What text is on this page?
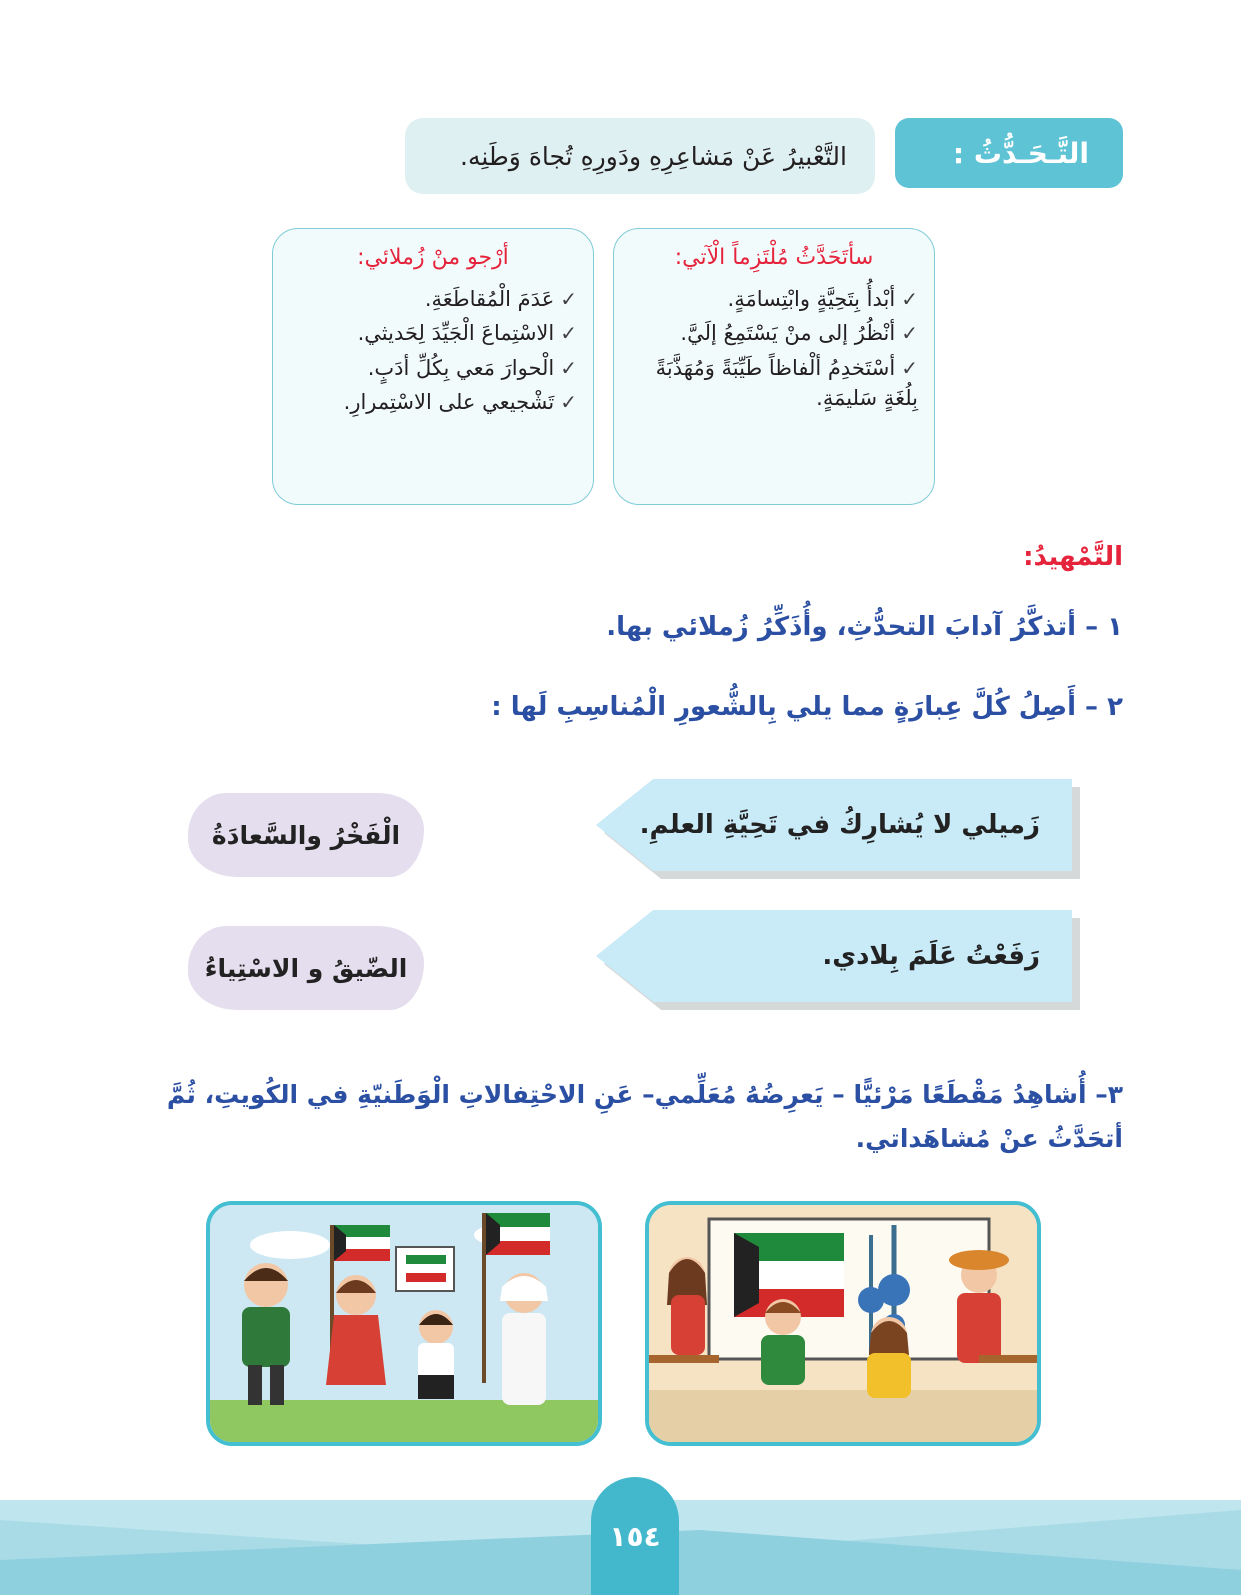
التَّـحَـدُّثُ :
التَّعْبيرُ عَنْ مَشاعِرِهِ ودَورِهِ تُجاهَ وَطَنِه.
سأتَحَدَّثُ مُلْتَزِماً الْآتي:
✓أبْدأُ بِتَحِيَّةٍ وابْتِسامَةٍ.
✓أنْظُرُ إلى منْ يَسْتَمِعُ إلَيَّ.
✓أسْتَخدِمُ ألْفاظاً طَيِّبَةً وَمُهَذَّبَةً بِلُغَةٍ سَليمَةٍ.
أرْجو منْ زُملائي:
✓عَدَمَ الْمُقاطَعَةِ.
✓الاسْتِماعَ الْجَيِّدَ لِحَديثي.
✓الْحوارَ مَعي بِكُلِّ أدَبٍ.
✓تَشْجيعي على الاسْتِمرارِ.
التَّمْهيدُ:
١ – أتذكَّرُ آدابَ التحدُّثِ، وأُذَكِّرُ زُملائي بها.
٢ – أَصِلُ كُلَّ عِبارَةٍ مما يلي بِالشُّعورِ الْمُناسِبِ لَها :
زَميلي لا يُشارِكُ في تَحِيَّةِ العلمِ.
رَفَعْتُ عَلَمَ بِلادي.
الْفَخْرُ والسَّعادَةُ
الضّيقُ و الاسْتِياءُ
٣– أُشاهِدُ مَقْطَعًا مَرْئيًّا – يَعرِضُهُ مُعَلِّمي– عَنِ الاحْتِفالاتِ الْوَطَنيّةِ في الكُويتِ، ثُمَّ أتحَدَّثُ عنْ مُشاهَداتي.
١٥٤
